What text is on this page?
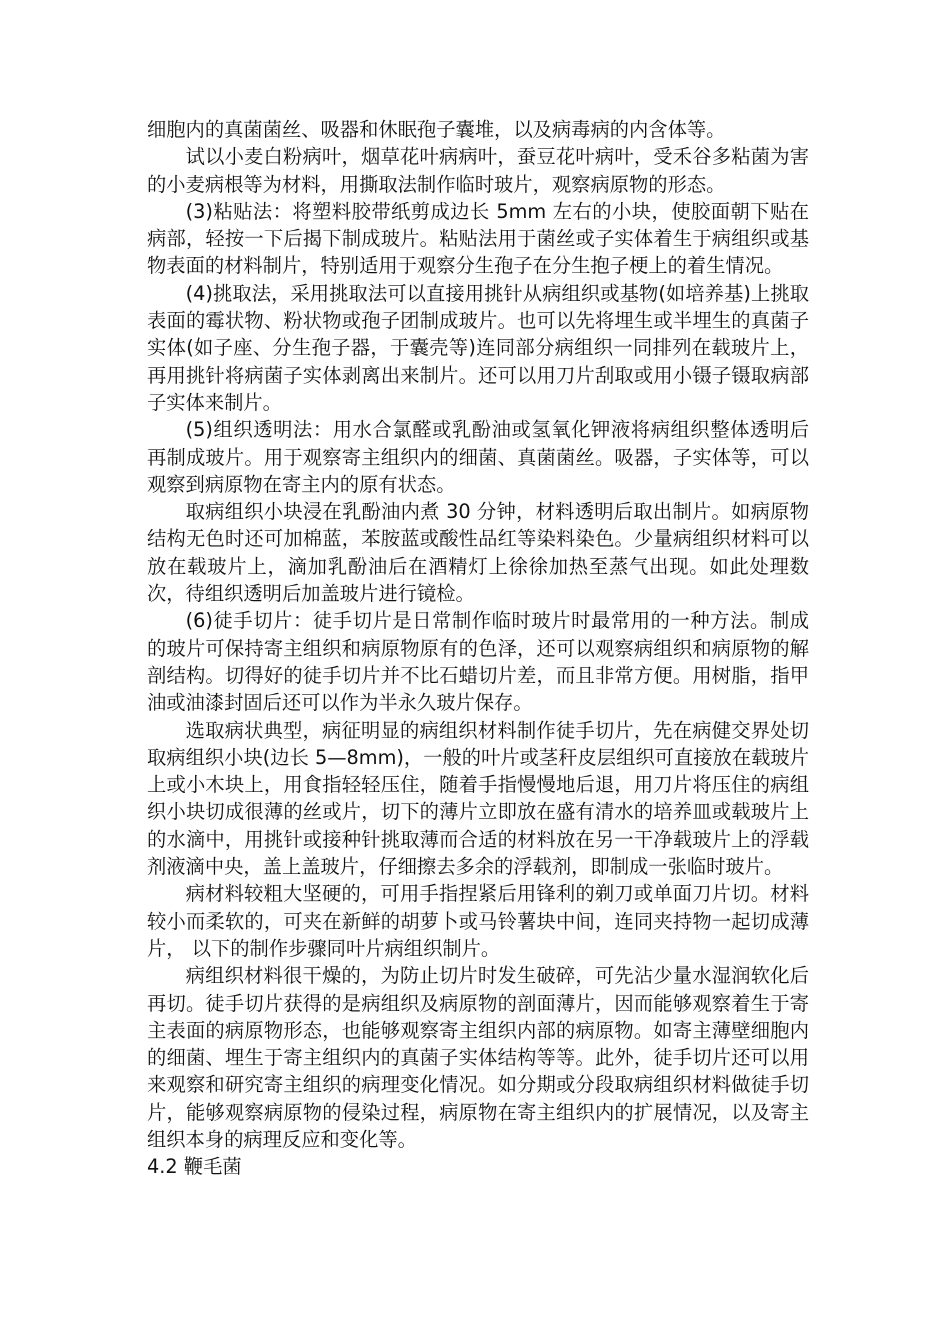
细胞内的真菌菌丝、吸器和休眠孢子囊堆，以及病毒病的内含体等。

试以小麦白粉病叶，烟草花叶病病叶，蚕豆花叶病叶，受禾谷多粘菌为害的小麦病根等为材料，用撕取法制作临时玻片，观察病原物的形态。

(3)粘贴法：将塑料胶带纸剪成边长 5mm 左右的小块，使胶面朝下贴在病部，轻按一下后揭下制成玻片。粘贴法用于菌丝或子实体着生于病组织或基物表面的材料制片，特别适用于观察分生孢子在分生抱子梗上的着生情况。

(4)挑取法，采用挑取法可以直接用挑针从病组织或基物(如培养基)上挑取表面的霉状物、粉状物或孢子团制成玻片。也可以先将埋生或半埋生的真菌子实体(如子座、分生孢子器，于囊壳等)连同部分病组织一同排列在载玻片上，再用挑针将病菌子实体剥离出来制片。还可以用刀片刮取或用小镊子镊取病部子实体来制片。

(5)组织透明法：用水合氯醛或乳酚油或氢氧化钾液将病组织整体透明后再制成玻片。用于观察寄主组织内的细菌、真菌菌丝。吸器，子实体等，可以观察到病原物在寄主内的原有状态。

取病组织小块浸在乳酚油内煮 30 分钟，材料透明后取出制片。如病原物结构无色时还可加棉蓝，苯胺蓝或酸性品红等染料染色。少量病组织材料可以放在载玻片上，滴加乳酚油后在酒精灯上徐徐加热至蒸气出现。如此处理数次，待组织透明后加盖玻片进行镜检。

(6)徒手切片：徒手切片是日常制作临时玻片时最常用的一种方法。制成的玻片可保持寄主组织和病原物原有的色泽，还可以观察病组织和病原物的解剖结构。切得好的徒手切片并不比石蜡切片差，而且非常方便。用树脂，指甲油或油漆封固后还可以作为半永久玻片保存。

选取病状典型，病征明显的病组织材料制作徒手切片，先在病健交界处切取病组织小块(边长 5—8mm)，一般的叶片或茎秆皮层组织可直接放在载玻片上或小木块上，用食指轻轻压住，随着手指慢慢地后退，用刀片将压住的病组织小块切成很薄的丝或片，切下的薄片立即放在盛有清水的培养皿或载玻片上的水滴中，用挑针或接种针挑取薄而合适的材料放在另一干净载玻片上的浮载剂液滴中央，盖上盖玻片，仔细擦去多余的浮载剂，即制成一张临时玻片。

病材料较粗大坚硬的，可用手指捏紧后用锋利的剃刀或单面刀片切。材料较小而柔软的，可夹在新鲜的胡萝卜或马铃薯块中间，连同夹持物一起切成薄片， 以下的制作步骤同叶片病组织制片。

病组织材料很干燥的，为防止切片时发生破碎，可先沾少量水湿润软化后再切。徒手切片获得的是病组织及病原物的剖面薄片，因而能够观察着生于寄主表面的病原物形态，也能够观察寄主组织内部的病原物。如寄主薄壁细胞内的细菌、埋生于寄主组织内的真菌子实体结构等等。此外，徒手切片还可以用来观察和研究寄主组织的病理变化情况。如分期或分段取病组织材料做徒手切片，能够观察病原物的侵染过程，病原物在寄主组织内的扩展情况，以及寄主组织本身的病理反应和变化等。

4.2 鞭毛菌
